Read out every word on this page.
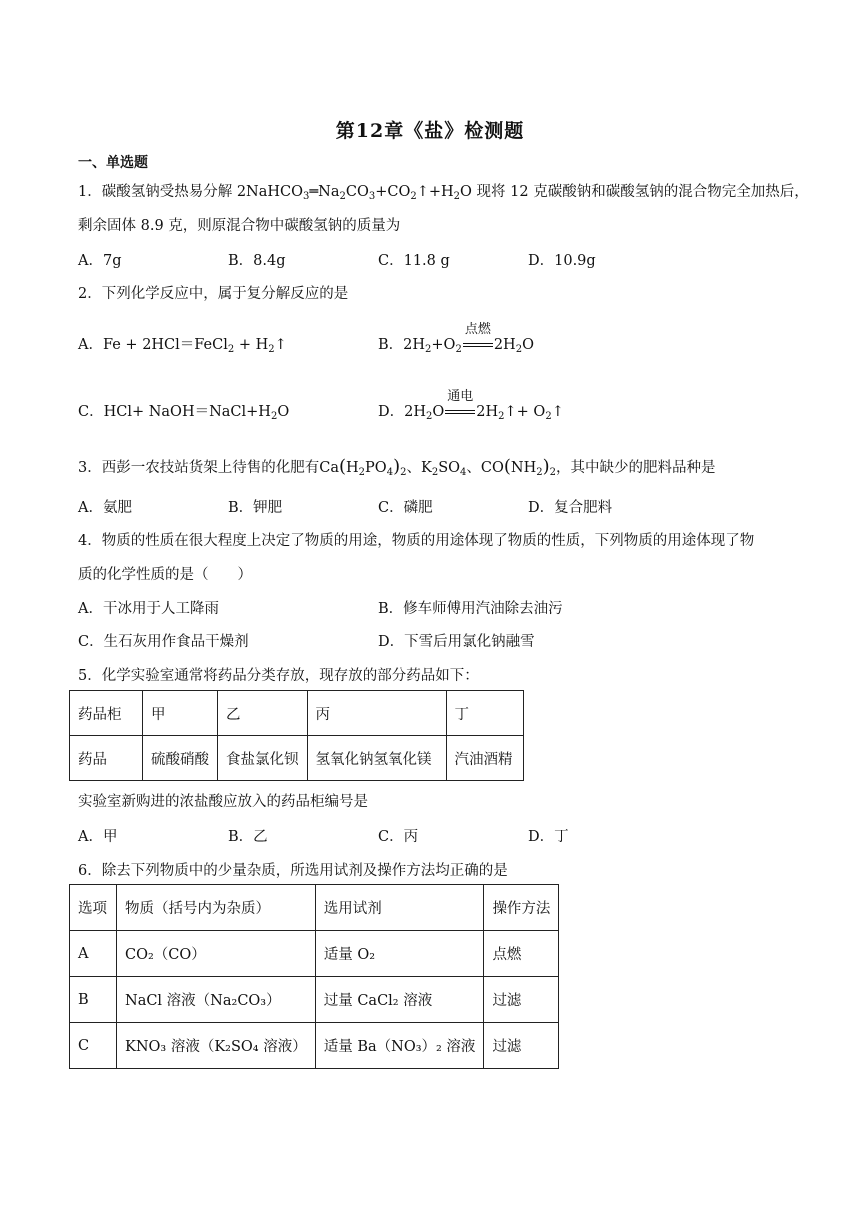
第12章《盐》检测题
一、单选题
1．碳酸氢钠受热易分解 $2NaHCO_3═Na_2CO_3+CO_2↑+H_2O$ 现将 12 克碳酸钠和碳酸氢钠的混合物完全加热后，
剩余固体 8.9 克，则原混合物中碳酸氢钠的质量为
A．7g	B．8.4g	C．11.8 g	D．10.9g
2．下列化学反应中，属于复分解反应的是
A．Fe + 2HCl＝FeCl$_2$ + $H_2↑$	B．$2H_2+O_2$
点燃
$2H_2O$
C．$HCl+ NaOH=NaCl+H_2O$	D．$2H_2O$
通电
$2H_2↑+$ $O_2↑$
3．西彭一农技站货架上待售的化肥有$Ca(H_2PO_4)_2$、$K_2SO_4$、$CO(NH_2)_2$，其中缺少的肥料品种是
A．氨肥	B．钾肥	C．磷肥	D．复合肥料
4．物质的性质在很大程度上决定了物质的用途，物质的用途体现了物质的性质，下列物质的用途体现了物
质的化学性质的是（　　）
A．干冰用于人工降雨	B．修车师傅用汽油除去油污
C．生石灰用作食品干燥剂	D．下雪后用氯化钠融雪
5．化学实验室通常将药品分类存放，现存放的部分药品如下：
药品柜	甲	乙	丙	丁
药品	硫酸硝酸	食盐氯化钡	氢氧化钠氢氧化镁	汽油酒精
实验室新购进的浓盐酸应放入的药品柜编号是
A．甲	B．乙	C．丙	D．丁
6．除去下列物质中的少量杂质，所选用试剂及操作方法均正确的是
选项	物质（括号内为杂质）	选用试剂	操作方法
A	CO₂（CO）	适量 O₂	点燃
B	NaCl 溶液（Na₂CO₃）	过量 CaCl₂ 溶液	过滤
C	KNO₃ 溶液（K₂SO₄ 溶液）	适量 Ba（NO₃）₂ 溶液	过滤
